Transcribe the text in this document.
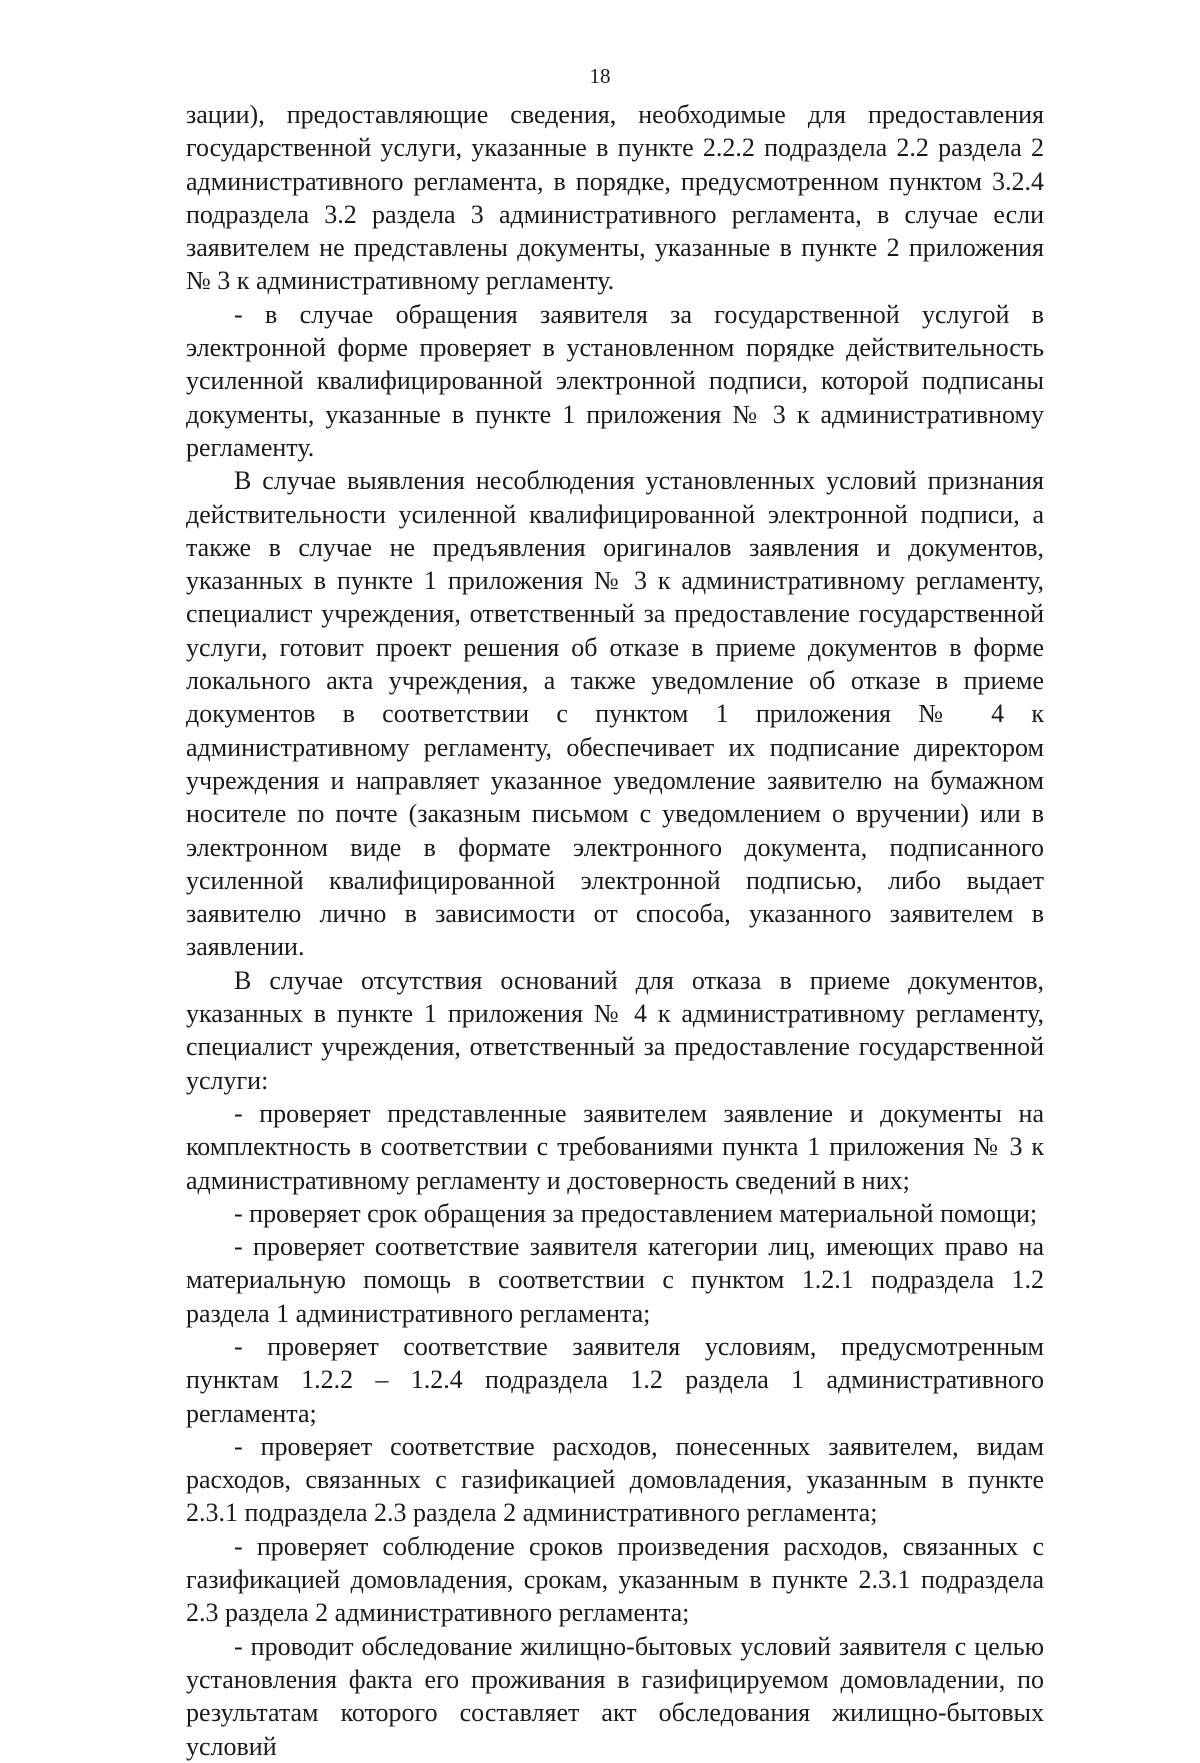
18

зации), предоставляющие сведения, необходимые для предоставления государственной услуги, указанные в пункте 2.2.2 подраздела 2.2 раздела 2 административного регламента, в порядке, предусмотренном пунктом 3.2.4 подраздела 3.2 раздела 3 административного регламента, в случае если заявителем не представлены документы, указанные в пункте 2 приложения № 3 к административному регламенту.

- в случае обращения заявителя за государственной услугой в электронной форме проверяет в установленном порядке действительность усиленной квалифицированной электронной подписи, которой подписаны документы, указанные в пункте 1 приложения № 3 к административному регламенту.

В случае выявления несоблюдения установленных условий признания действительности усиленной квалифицированной электронной подписи, а также в случае не предъявления оригиналов заявления и документов, указанных в пункте 1 приложения № 3 к административному регламенту, специалист учреждения, ответственный за предоставление государственной услуги, готовит проект решения об отказе в приеме документов в форме локального акта учреждения, а также уведомление об отказе в приеме документов в соответствии с пунктом 1 приложения № 4 к административному регламенту, обеспечивает их подписание директором учреждения и направляет указанное уведомление заявителю на бумажном носителе по почте (заказным письмом с уведомлением о вручении) или в электронном виде в формате электронного документа, подписанного усиленной квалифицированной электронной подписью, либо выдает заявителю лично в зависимости от способа, указанного заявителем в заявлении.

В случае отсутствия оснований для отказа в приеме документов, указанных в пункте 1 приложения № 4 к административному регламенту, специалист учреждения, ответственный за предоставление государственной услуги:

- проверяет представленные заявителем заявление и документы на комплектность в соответствии с требованиями пункта 1 приложения № 3 к административному регламенту и достоверность сведений в них;

- проверяет срок обращения за предоставлением материальной помощи;

- проверяет соответствие заявителя категории лиц, имеющих право на материальную помощь в соответствии с пунктом 1.2.1 подраздела 1.2 раздела 1 административного регламента;

- проверяет соответствие заявителя условиям, предусмотренным пунктам 1.2.2 – 1.2.4 подраздела 1.2 раздела 1 административного регламента;

- проверяет соответствие расходов, понесенных заявителем, видам расходов, связанных с газификацией домовладения, указанным в пункте 2.3.1 подраздела 2.3 раздела 2 административного регламента;

- проверяет соблюдение сроков произведения расходов, связанных с газификацией домовладения, срокам, указанным в пункте 2.3.1 подраздела 2.3 раздела 2 административного регламента;

- проводит обследование жилищно-бытовых условий заявителя с целью установления факта его проживания в газифицируемом домовладении, по результатам которого составляет акт обследования жилищно-бытовых условий
